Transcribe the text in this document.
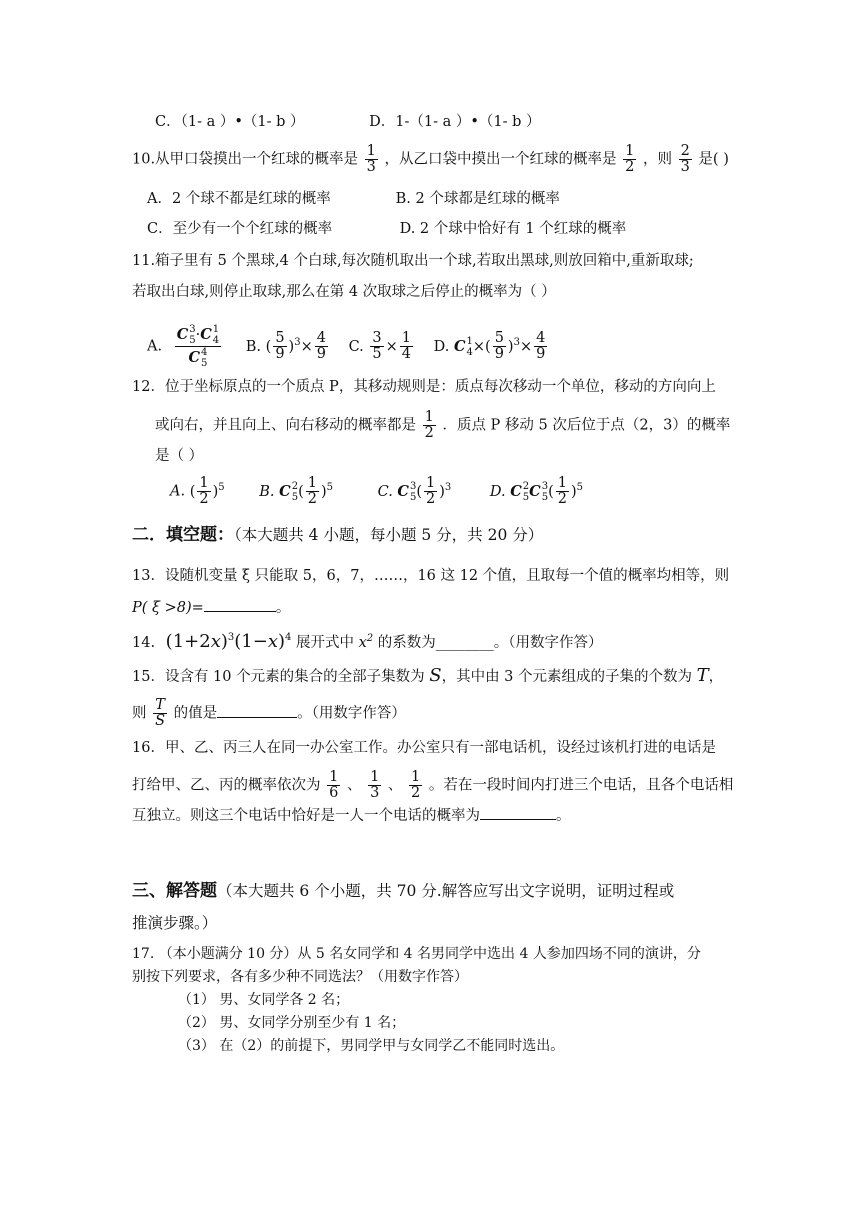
C．（1- a ）•（1- b ）	D．1-（1- a ）•（1- b ）
10.从甲口袋摸出一个红球的概率是 $\frac{1}{3}$ ，从乙口袋中摸出一个红球的概率是 $\frac{1}{2}$ ，则 $\frac{2}{3}$ 是( )
A．2 个球不都是红球的概率	B. 2 个球都是红球的概率
C．至少有一个个红球的概率	D. 2 个球中恰好有 1 个红球的概率
11.箱子里有 5 个黑球,4 个白球,每次随机取出一个球,若取出黑球,则放回箱中,重新取球;
若取出白球,则停止取球,那么在第 4 次取球之后停止的概率为（ ）
A. C 3
5 ·C 1
4
C 4
5 B. ( $\frac{5}{9} )^3\times \frac{4}{9} C$. $\frac{3}{5} \times \frac{1}{4} D$. C 1
4 ×( $\frac{5}{9} )^3\times \frac{4}{9}$
12．位于坐标原点的一个质点 P，其移动规则是：质点每次移动一个单位，移动的方向向上
或向右，并且向上、向右移动的概率都是 $\frac{1}{2}$ ．质点 P 移动 5 次后位于点（2，3）的概率
是（ ）
A. ( $\frac{1}{2} )^5$ B. C 2
5 ( $\frac{1}{2} )^5$	C. C 3
5 ( $\frac{1}{2} )^3$	D. C 2
5 C 3
5 ( $\frac{1}{2} )^5$
二．填空题：（本大题共 4 小题，每小题 5 分，共 20 分）
13．设随机变量 ξ 只能取 5，6，7，……，16 这 12 个值，且取每一个值的概率均相等，则
P( ξ >8)=	。
14. $(1+2x)^3(1-x)^4$ 展开式中 $x^2$ 的系数为________。（用数字作答）
15．设含有 10 个元素的集合的全部子集数为 S，其中由 3 个元素组成的子集的个数为 T，
则 $\frac{T}{S}$ 的值是	。（用数字作答）
16．甲、乙、丙三人在同一办公室工作。办公室只有一部电话机，设经过该机打进的电话是
打给甲、乙、丙的概率依次为 $\frac{1}{6}$ 、 $\frac{1}{3}$ 、 $\frac{1}{2}$ 。若在一段时间内打进三个电话，且各个电话相
互独立。则这三个电话中恰好是一人一个电话的概率为	。
三、解答题（本大题共 6 个小题，共 70 分.解答应写出文字说明，证明过程或
推演步骤。）
17. （本小题满分 10 分）从 5 名女同学和 4 名男同学中选出 4 人参加四场不同的演讲，分
别按下列要求，各有多少种不同选法？（用数字作答）
（1） 男、女同学各 2 名；
（2） 男、女同学分别至少有 1 名；
（3） 在（2）的前提下，男同学甲与女同学乙不能同时选出。
